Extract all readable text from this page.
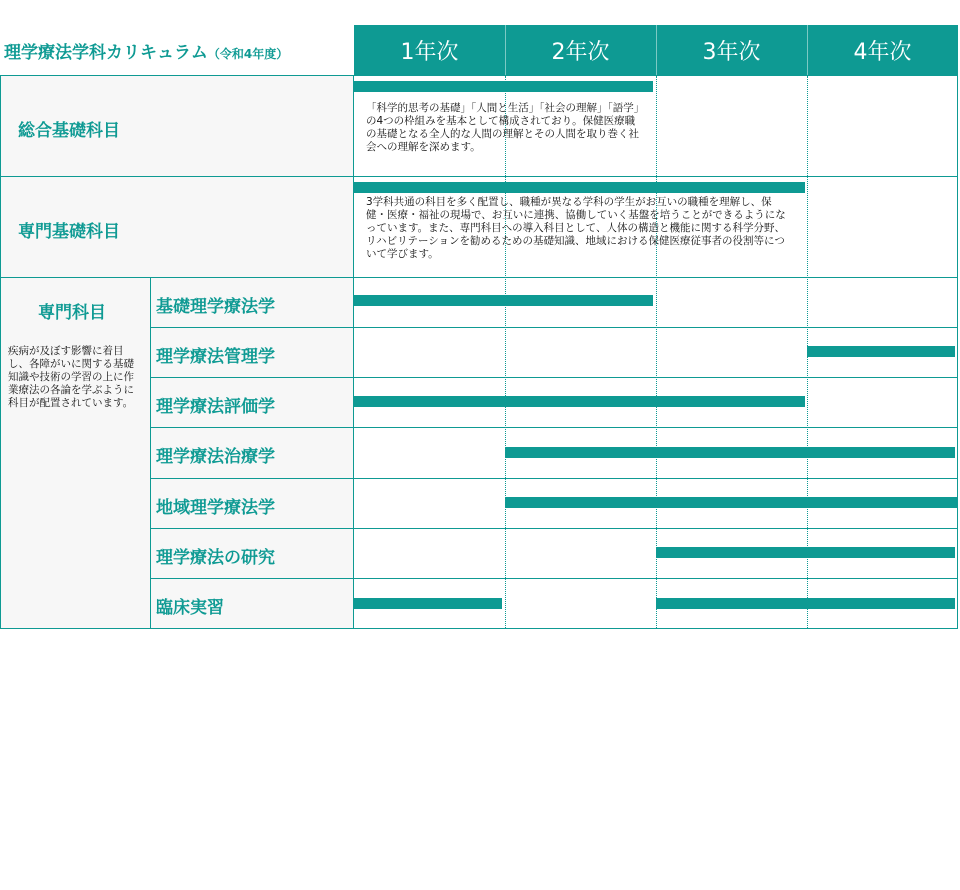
理学療法学科カリキュラム（令和4年度）	1年次	2年次	3年次	4年次
総合基礎科目
「科学的思考の基礎」「人間と生活」「社会の理解」「語学」の4つの枠組みを基本として構成されており。保健医療職の基礎となる全人的な人間の理解とその人間を取り巻く社会への理解を深めます。
専門基礎科目
3学科共通の科目を多く配置し、職種が異なる学科の学生がお互いの職種を理解し、保健・医療・福祉の現場で、お互いに連携、協働していく基盤を培うことができるようになっています。また、専門科目への導入科目として、人体の構造と機能に関する科学分野、リハビリテーションを勧めるための基礎知識、地域における保健医療従事者の役割等について学びます。
専門科目
疾病が及ぼす影響に着目し、各障がいに関する基礎知識や技術の学習の上に作業療法の各論を学ぶように科目が配置されています。
基礎理学療法学
理学療法管理学
理学療法評価学
理学療法治療学
地域理学療法学
理学療法の研究
臨床実習
